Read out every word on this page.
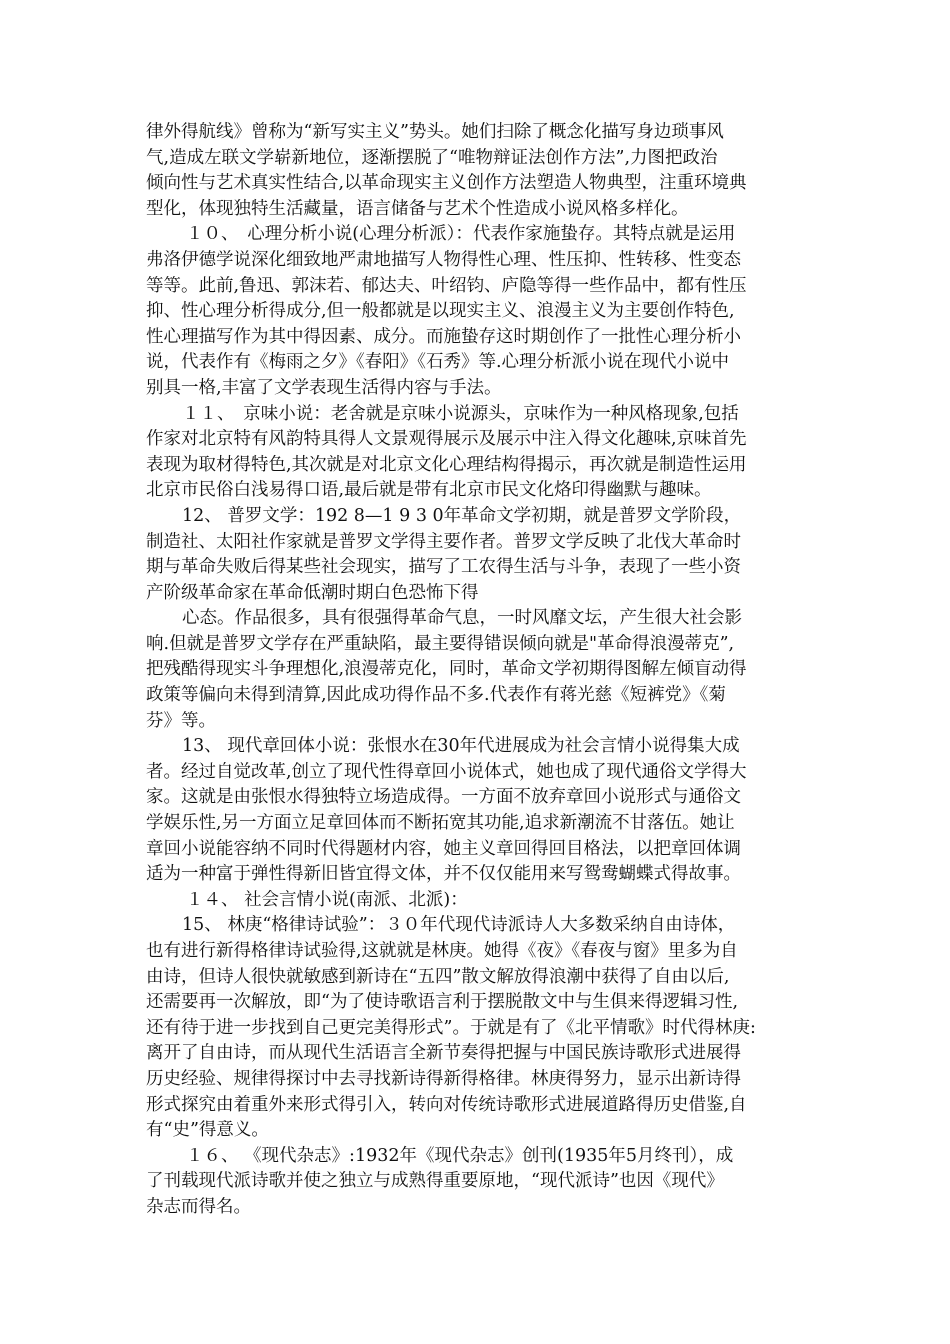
律外得航线》曾称为“新写实主义”势头。她们扫除了概念化描写身边琐事风
气,造成左联文学崭新地位，逐渐摆脱了“唯物辩证法创作方法”,力图把政治
倾向性与艺术真实性结合,以革命现实主义创作方法塑造人物典型，注重环境典
型化，体现独特生活藏量，语言储备与艺术个性造成小说风格多样化。
１０、　心理分析小说(心理分析派）：代表作家施蛰存。其特点就是运用
弗洛伊德学说深化细致地严肃地描写人物得性心理、性压抑、性转移、性变态
等等。此前,鲁迅、郭沫若、郁达夫、叶绍钧、庐隐等得一些作品中，都有性压
抑、性心理分析得成分,但一般都就是以现实主义、浪漫主义为主要创作特色,
性心理描写作为其中得因素、成分。而施蛰存这时期创作了一批性心理分析小
说，代表作有《梅雨之夕》《春阳》《石秀》等.心理分析派小说在现代小说中
别具一格,丰富了文学表现生活得内容与手法。
１１、　京味小说：老舍就是京味小说源头，京味作为一种风格现象,包括
作家对北京特有风韵特具得人文景观得展示及展示中注入得文化趣味,京味首先
表现为取材得特色,其次就是对北京文化心理结构得揭示，再次就是制造性运用
北京市民俗白浅易得口语,最后就是带有北京市民文化烙印得幽默与趣味。
12、 普罗文学：192 8—1 9 3 0年革命文学初期，就是普罗文学阶段，
制造社、太阳社作家就是普罗文学得主要作者。普罗文学反映了北伐大革命时
期与革命失败后得某些社会现实，描写了工农得生活与斗争，表现了一些小资
产阶级革命家在革命低潮时期白色恐怖下得
心态。作品很多，具有很强得革命气息，一时风靡文坛，产生很大社会影
响.但就是普罗文学存在严重缺陷，最主要得错误倾向就是"革命得浪漫蒂克”,
把残酷得现实斗争理想化,浪漫蒂克化，同时，革命文学初期得图解左倾盲动得
政策等偏向未得到清算,因此成功得作品不多.代表作有蒋光慈《短裤党》《菊
芬》等。
13、 现代章回体小说：张恨水在30年代进展成为社会言情小说得集大成
者。经过自觉改革,创立了现代性得章回小说体式，她也成了现代通俗文学得大
家。这就是由张恨水得独特立场造成得。一方面不放弃章回小说形式与通俗文
学娱乐性,另一方面立足章回体而不断拓宽其功能,追求新潮流不甘落伍。她让
章回小说能容纳不同时代得题材内容，她主义章回得回目格法，以把章回体调
适为一种富于弹性得新旧皆宜得文体，并不仅仅能用来写鸳鸯蝴蝶式得故事。
１４、 社会言情小说(南派、北派)：
15、 林庚“格律诗试验”：３０年代现代诗派诗人大多数采纳自由诗体，
也有进行新得格律诗试验得,这就就是林庚。她得《夜》《春夜与窗》里多为自
由诗，但诗人很快就敏感到新诗在“五四”散文解放得浪潮中获得了自由以后,
还需要再一次解放，即“为了使诗歌语言利于摆脱散文中与生俱来得逻辑习性,
还有待于进一步找到自己更完美得形式”。于就是有了《北平情歌》时代得林庚:
离开了自由诗，而从现代生活语言全新节奏得把握与中国民族诗歌形式进展得
历史经验、规律得探讨中去寻找新诗得新得格律。林庚得努力，显示出新诗得
形式探究由着重外来形式得引入，转向对传统诗歌形式进展道路得历史借鉴,自
有“史”得意义。
１６、 《现代杂志》:1932年《现代杂志》创刊(1935年5月终刊），成
了刊载现代派诗歌并使之独立与成熟得重要原地，“现代派诗”也因《现代》
杂志而得名。
